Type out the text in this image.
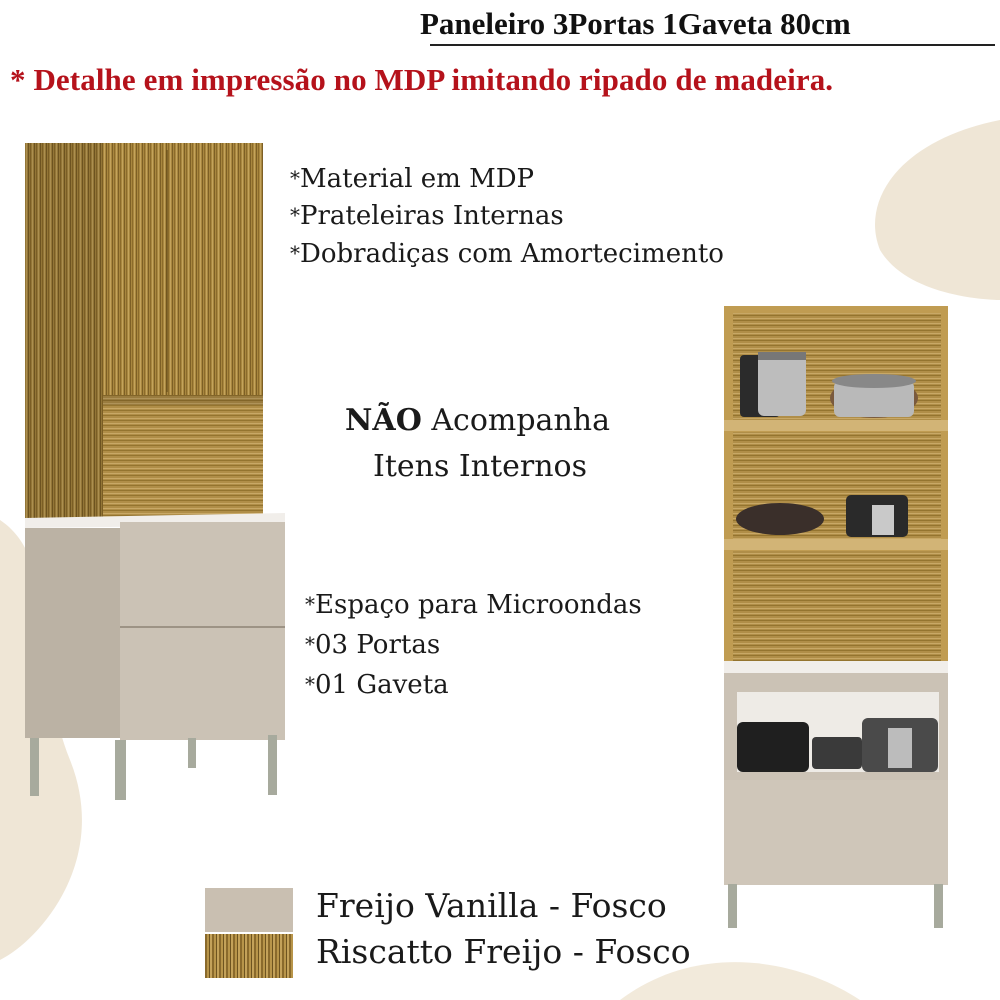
Paneleiro 3Portas 1Gaveta 80cm
* Detalhe em impressão no MDP imitando ripado de madeira.
*Material em MDP
*Prateleiras Internas
*Dobradiças com Amortecimento
NÃO Acompanha
Itens Internos
*Espaço para Microondas
*03 Portas
*01 Gaveta
Freijo Vanilla - Fosco
Riscatto Freijo - Fosco
